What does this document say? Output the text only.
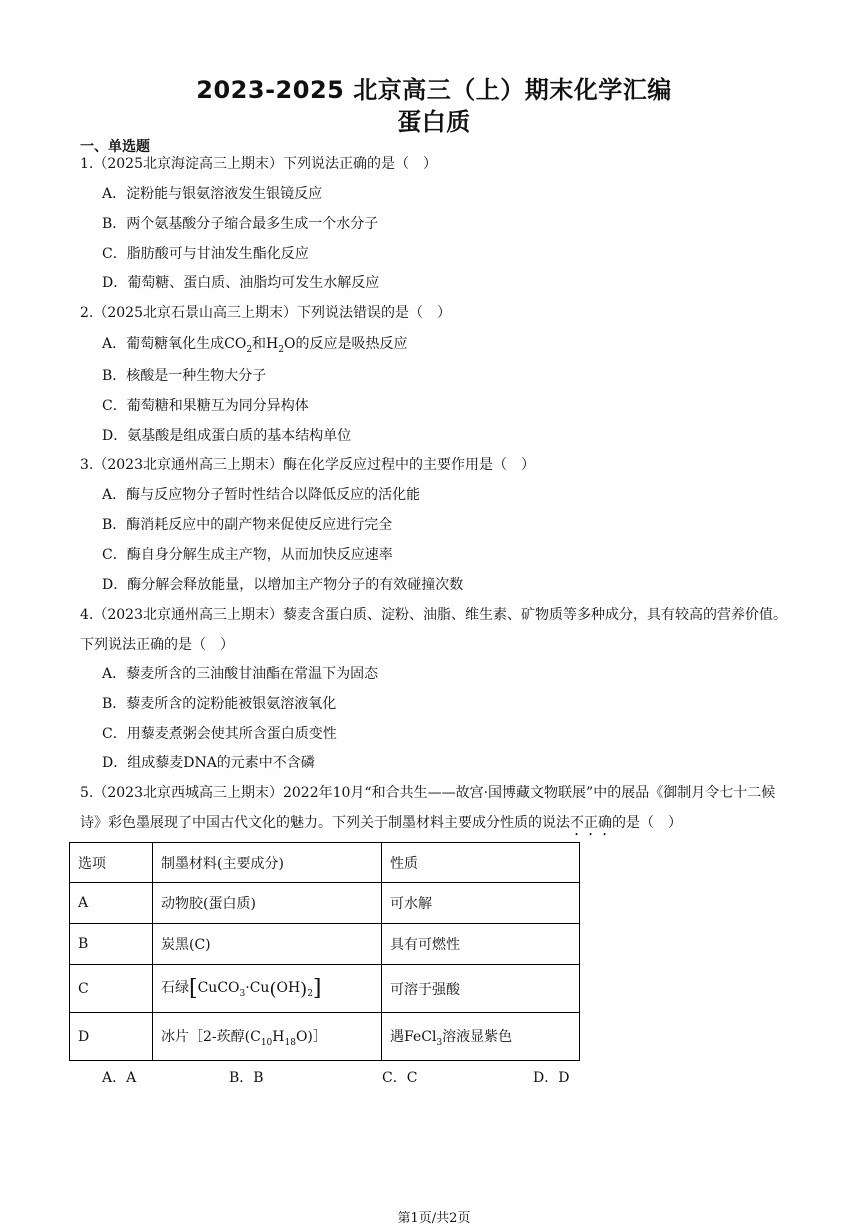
2023-2025 北京高三（上）期末化学汇编
蛋白质
一、单选题
1.（2025北京海淀高三上期末）下列说法正确的是（　）
A．淀粉能与银氨溶液发生银镜反应
B．两个氨基酸分子缩合最多生成一个水分子
C．脂肪酸可与甘油发生酯化反应
D．葡萄糖、蛋白质、油脂均可发生水解反应
2.（2025北京石景山高三上期末）下列说法错误的是（　）
A．葡萄糖氧化生成$CO_2$和$H_2O$的反应是吸热反应
B．核酸是一种生物大分子
C．葡萄糖和果糖互为同分异构体
D．氨基酸是组成蛋白质的基本结构单位
3.（2023北京通州高三上期末）酶在化学反应过程中的主要作用是（　）
A．酶与反应物分子暂时性结合以降低反应的活化能
B．酶消耗反应中的副产物来促使反应进行完全
C．酶自身分解生成主产物，从而加快反应速率
D．酶分解会释放能量，以增加主产物分子的有效碰撞次数
4.（2023北京通州高三上期末）藜麦含蛋白质、淀粉、油脂、维生素、矿物质等多种成分，具有较高的营养价值。下列说法正确的是（　）
A．藜麦所含的三油酸甘油酯在常温下为固态
B．藜麦所含的淀粉能被银氨溶液氧化
C．用藜麦煮粥会使其所含蛋白质变性
D．组成藜麦DNA的元素中不含磷
5.（2023北京西城高三上期末）2022年10月“和合共生——故宫·国博藏文物联展”中的展品《御制月令七十二候诗》彩色墨展现了中国古代文化的魅力。下列关于制墨材料主要成分性质的说法不正确的是（　）
选项	制墨材料(主要成分)	性质
A	动物胶(蛋白质)	可水解
B	炭黑(C)	具有可燃性
C	石绿$[CuCO_3\cdot Cu(OH)_2]$	可溶于强酸
D	冰片［2-莰醇$(C_{10}H_{18}O)]$	遇FeCl$_3$溶液显紫色
A．A	B．B	C．C	D．D
第1页/共2页
